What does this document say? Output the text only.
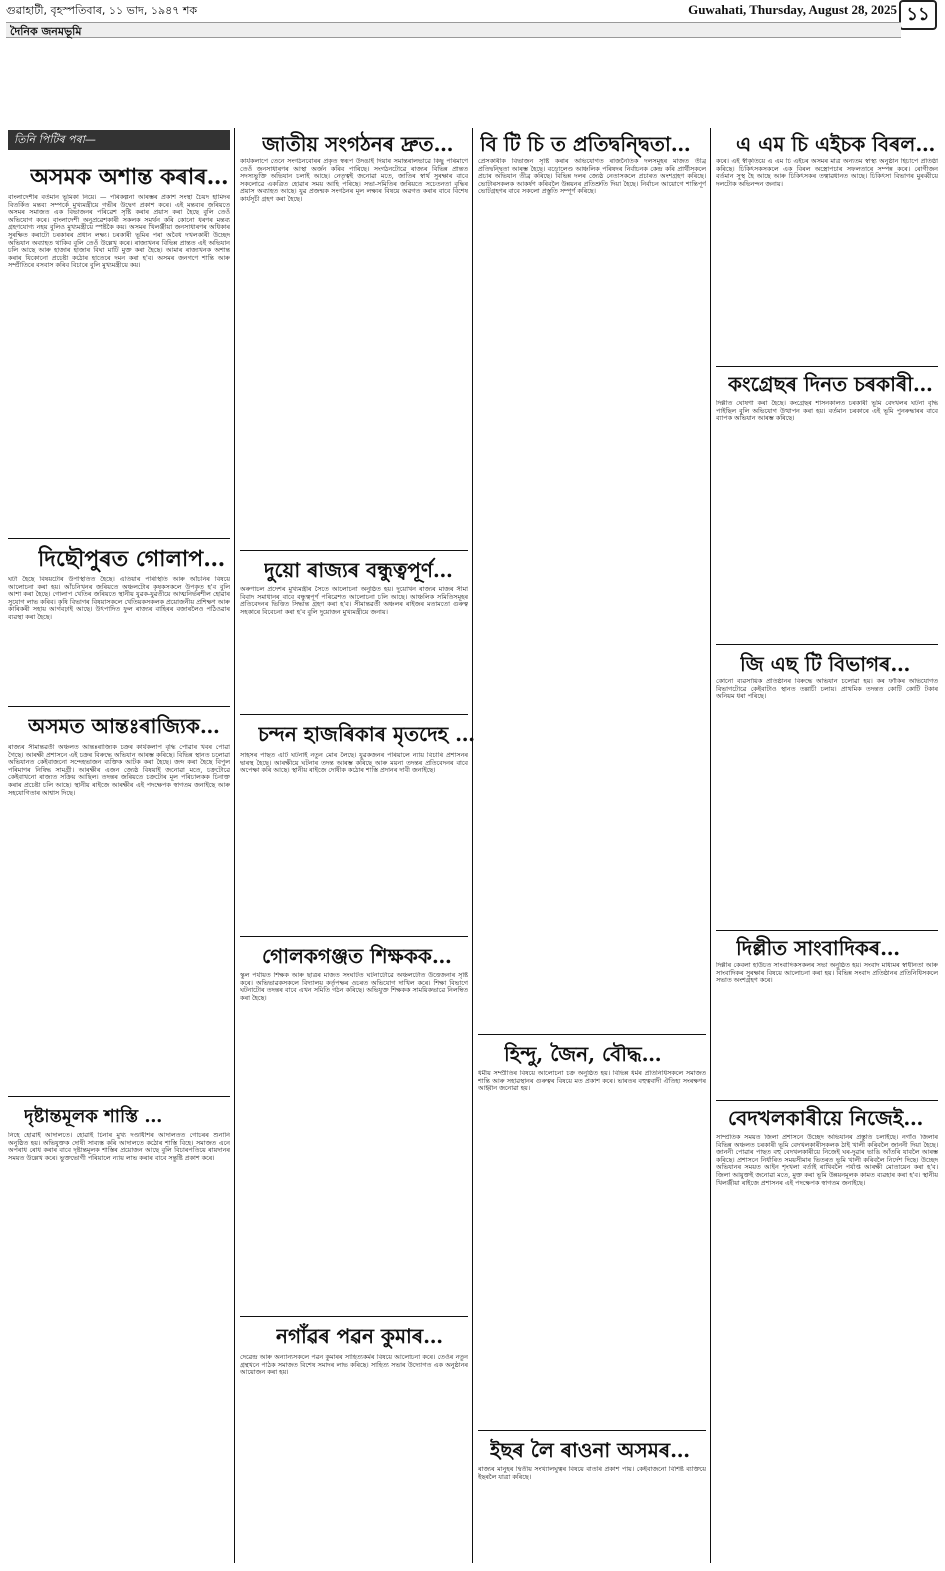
গুৱাহাটী, বৃহস্পতিবাৰ, ১১ ভাদ, ১৯৪৭ শক	Guwahati, Thursday, August 28, 2025 ১১
দৈনিক জনমভূমি
তিনি পিটিৰ পৰা—
অসমক অশান্ত কৰাৰ…

বাংলাদেশীৰ বৰ্তমান ভূমিকা নিয়ে। — পৰিকল্পনা আৰম্ভৰ প্ৰকাশ সংস্থা চৈয়দ হামিদৰ বিতৰ্কিত মন্তব্য সম্পৰ্কে মুখ্যমন্ত্ৰীয়ে গভীৰ উদ্বেগ প্ৰকাশ কৰে। এই মন্তব্যৰ জৰিয়তে অসমৰ সমাজত এক বিভাজনৰ পৰিৱেশ সৃষ্টি কৰাৰ প্ৰয়াস কৰা হৈছে বুলি তেওঁ অভিযোগ কৰে। বাংলাদেশী অনুপ্ৰৱেশকাৰী সকলক সমৰ্থন কৰি কোনো ধৰণৰ মন্তব্য গ্ৰহণযোগ্য নহয় বুলিও মুখ্যমন্ত্ৰীয়ে স্পষ্টকৈ কয়। অসমৰ খিলঞ্জীয়া জনসাধাৰণৰ অধিকাৰ সুৰক্ষিত কৰাটো চৰকাৰৰ প্ৰধান লক্ষ্য। চৰকাৰী ভূমিৰ পৰা অবৈধ দখলকাৰী উচ্ছেদ অভিযান অব্যাহত থাকিব বুলি তেওঁ উল্লেখ কৰে। ৰাজ্যখনৰ বিভিন্ন প্ৰান্তত এই অভিযান চলি আছে আৰু হাজাৰ হাজাৰ বিঘা মাটি মুক্ত কৰা হৈছে। আমাৰ ৰাজ্যখনক অশান্ত কৰাৰ যিকোনো প্ৰচেষ্টা কঠোৰ হাতেৰে দমন কৰা হ'ব। অসমৰ জনগণে শান্তি আৰু সম্প্ৰীতিৰে বসবাস কৰিব বিচাৰে বুলি মুখ্যমন্ত্ৰীয়ে কয়।

দিছৌপুৰত গোলাপ…

ঘটা হৈছে বিষয়টোৰ উপস্থিতিত হৈছে। এতিয়াৰ পৰিস্থিতি আৰু আঁচনিৰ বিষয়ে আলোচনা কৰা হয়। আঁচনিখনৰ জৰিয়তে অঞ্চলটোৰ কৃষকসকলে উপকৃত হ'ব বুলি আশা কৰা হৈছে। গোলাপ খেতিৰ জৰিয়তে স্থানীয় যুৱক-যুৱতীয়ে আত্মনিৰ্ভৰশীল হোৱাৰ সুযোগ লাভ কৰিব। কৃষি বিভাগৰ বিষয়াসকলে খেতিয়কসকলক প্ৰয়োজনীয় প্ৰশিক্ষণ আৰু কাৰিকৰী সহায় আগবঢ়াই আছে। উৎপাদিত ফুল ৰাজ্যৰ বাহিৰৰ বজাৰলৈও পঠিওৱাৰ ব্যৱস্থা কৰা হৈছে।

অসমত আন্তঃৰাজ্যিক…

ৰাজ্যৰ সীমান্তৱৰ্তী অঞ্চলত আন্তঃৰাজ্যিক চক্ৰৰ কাৰ্যকলাপ বৃদ্ধি পোৱাৰ খবৰ পোৱা গৈছে। আৰক্ষী প্ৰশাসনে এই চক্ৰৰ বিৰুদ্ধে অভিযান আৰম্ভ কৰিছে। বিভিন্ন স্থানত চলোৱা অভিযানত কেইবাজনো সন্দেহভাজন ব্যক্তিক আটক কৰা হৈছে। জব্দ কৰা হৈছে বিপুল পৰিমাণৰ নিষিদ্ধ সামগ্ৰী। আৰক্ষীৰ এজন জ্যেষ্ঠ বিষয়াই জনোৱা মতে, চক্ৰটোৱে কেইবাখনো ৰাজ্যত সক্ৰিয় আছিল। তদন্তৰ জৰিয়তে চক্ৰটোৰ মূল পৰিচালকক চিনাক্ত কৰাৰ প্ৰচেষ্টা চলি আছে। স্থানীয় ৰাইজে আৰক্ষীৰ এই পদক্ষেপক স্বাগতম জনাইছে আৰু সহযোগিতাৰ আশ্বাস দিছে।

দৃষ্টান্তমূলক শাস্তি …

নিহে হোৱাই আদালতে। হোৱাই চিনাৰ মুখ্য দণ্ডাধীশৰ আদালতত গোচৰৰ শুনানি অনুষ্ঠিত হয়। অভিযুক্তক দোষী সাব্যস্ত কৰি আদালতে কঠোৰ শাস্তি বিহে। সমাজত এনে অপৰাধ ৰোধ কৰাৰ বাবে দৃষ্টান্তমূলক শাস্তিৰ প্ৰয়োজন আছে বুলি বিচাৰপতিয়ে ৰায়দানৰ সময়ত উল্লেখ কৰে। ভুক্তভোগী পৰিয়ালে ন্যায় লাভ কৰাৰ বাবে সন্তুষ্টি প্ৰকাশ কৰে।

জাতীয় সংগঠনৰ দ্ৰুত…

কাৰ্যকলাপে তেনে সংগঠনবোৰৰ প্ৰকৃত স্বৰূপ উদঙাই দিয়াৰ সমান্তৰালভাৱে কিছু পৰিমাণে তেওঁ জনসাধাৰণৰ আস্থা অৰ্জন কৰিব পাৰিছে। সংগঠনটোৱে ৰাজ্যৰ বিভিন্ন প্ৰান্তত সদস্যভুক্তি অভিযান চলাই আছে। নেতৃত্বই জনোৱা মতে, জাতিৰ স্বাৰ্থ সুৰক্ষাৰ বাবে সকলোৱে একত্ৰিত হোৱাৰ সময় আহি পৰিছে। সভা-সমিতিৰ জৰিয়তে সচেতনতা বৃদ্ধিৰ প্ৰয়াস অব্যাহত আছে। যুৱ প্ৰজন্মক সংগঠনৰ মূল লক্ষ্যৰ বিষয়ে অৱগত কৰাৰ বাবে বিশেষ কাৰ্যসূচী গ্ৰহণ কৰা হৈছে।

দুয়ো ৰাজ্যৰ বন্ধুত্বপূৰ্ণ…

অৰুণাচল প্ৰদেশৰ মুখ্যমন্ত্ৰীৰ সৈতে আলোচনা অনুষ্ঠিত হয়। দুয়োখন ৰাজ্যৰ মাজৰ সীমা বিবাদ সমাধানৰ বাবে বন্ধুত্বপূৰ্ণ পৰিৱেশত আলোচনা চলি আছে। আঞ্চলিক সমিতিসমূহৰ প্ৰতিবেদনৰ ভিত্তিত সিদ্ধান্ত গ্ৰহণ কৰা হ'ব। সীমান্তৱৰ্তী অঞ্চলৰ ৰাইজৰ মতামতো গুৰুত্ব সহকাৰে বিবেচনা কৰা হ'ব বুলি দুয়োজন মুখ্যমন্ত্ৰীয়ে জনায়।

চন্দন হাজৰিকাৰ মৃতদেহ …

সাহসৰ পাছত এটি ঘটনাই নতুন মোৰ লৈছে। যুৱকজনৰ পৰিয়ালে ন্যায় বিচাৰি প্ৰশাসনৰ দ্বাৰস্থ হৈছে। আৰক্ষীয়ে ঘটনাৰ তদন্ত আৰম্ভ কৰিছে আৰু ময়না তদন্তৰ প্ৰতিবেদনৰ বাবে অপেক্ষা কৰি আছে। স্থানীয় ৰাইজে দোষীক কঠোৰ শাস্তি প্ৰদানৰ দাবী জনাইছে।

গোলকগঞ্জত শিক্ষকক…

স্কুল পৰ্যায়ত শিক্ষক আৰু ছাত্ৰৰ মাজত সংঘটিত ঘটনাটোৱে অঞ্চলটোত উত্তেজনাৰ সৃষ্টি কৰে। অভিভাৱকসকলে বিদ্যালয় কৰ্তৃপক্ষৰ ওচৰত অভিযোগ দাখিল কৰে। শিক্ষা বিভাগে ঘটনাটোৰ তদন্তৰ বাবে এখন সমিতি গঠন কৰিছে। অভিযুক্ত শিক্ষকক সাময়িকভাৱে নিলম্বিত কৰা হৈছে।

নগাঁৱৰ পৱন কুমাৰ…

দেৱেন্দ্ৰ আৰু অন্যান্যসকলে পৱন কুমাৰৰ সাহিত্যকৰ্মৰ বিষয়ে আলোচনা কৰে। তেওঁৰ নতুন গ্ৰন্থখনে পাঠক সমাজত বিশেষ সমাদৰ লাভ কৰিছে। সাহিত্য সভাৰ উদ্যোগত এক অনুষ্ঠানৰ আয়োজন কৰা হয়।

বি টি চি ত প্ৰতিদ্বন্দ্বিতা…

প্ৰেসকাৰীক বিভাজন সৃষ্টি কৰাৰ অভিযোগত ৰাজনৈতিক দলসমূহৰ মাজত তীব্ৰ প্ৰতিদ্বন্দ্বিতা আৰম্ভ হৈছে। বড়োলেণ্ড আঞ্চলিক পৰিষদৰ নিৰ্বাচনক কেন্দ্ৰ কৰি প্ৰাৰ্থীসকলে প্ৰচাৰ অভিযান তীব্ৰ কৰিছে। বিভিন্ন দলৰ জ্যেষ্ঠ নেতাসকলে প্ৰচাৰত অংশগ্ৰহণ কৰিছে। ভোটাৰসকলক আকৰ্ষণ কৰিবলৈ উন্নয়নৰ প্ৰতিশ্ৰুতি দিয়া হৈছে। নিৰ্বাচন আয়োগে শান্তিপূৰ্ণ ভোটগ্ৰহণৰ বাবে সকলো প্ৰস্তুতি সম্পূৰ্ণ কৰিছে।

হিন্দু, জৈন, বৌদ্ধ…

ধৰ্মীয় সম্প্ৰীতিৰ বিষয়ে আলোচনা চক্ৰ অনুষ্ঠিত হয়। বিভিন্ন ধৰ্মৰ প্ৰতিনিধিসকলে সমাজত শান্তি আৰু সহাৱস্থানৰ গুৰুত্বৰ বিষয়ে মত প্ৰকাশ কৰে। ভাৰতৰ বহুত্ববাদী ঐতিহ্য সংৰক্ষণৰ আহ্বান জনোৱা হয়।

ইছৰ লৈ ৰাওনা অসমৰ…

ৰাজ্যৰ মানুহৰ দ্বিতীয় সংখ্যালঘুত্বৰ বিষয়ে বাতৰি প্ৰকাশ পায়। কেইবাজনো বিশিষ্ট ব্যক্তিয়ে ইছৰলৈ যাত্ৰা কৰিছে।

এ এম চি এইচক বিৰল…

কৰে। এই স্বীকৃতিয়ে এ এম চি এইচৰ অসমৰ মাত্ৰ অন্যতম স্বাস্থ্য অনুষ্ঠান হিচাপে প্ৰতিষ্ঠা কৰিছে। চিকিৎসকসকলে এক বিৰল অস্ত্ৰোপচাৰ সফলতাৰে সম্পন্ন কৰে। ৰোগীজন বৰ্তমান সুস্থ হৈ আছে আৰু চিকিৎসকৰ তত্বাৱধানত আছে। চিকিৎসা বিভাগৰ মুৰব্বীয়ে দলটোক অভিনন্দন জনায়।

কংগ্ৰেছৰ দিনত চৰকাৰী…

দিল্লীত ঘোষণা কৰা হৈছে। কংগ্ৰেছৰ শাসনকালত চৰকাৰী ভূমি বেদখলৰ ঘটনা বৃদ্ধি পাইছিল বুলি অভিযোগ উত্থাপন কৰা হয়। বৰ্তমান চৰকাৰে এই ভূমি পুনৰুদ্ধাৰৰ বাবে ব্যাপক অভিযান আৰম্ভ কৰিছে।

জি এছ টি বিভাগৰ…

কোনো ব্যৱসায়িক প্ৰতিষ্ঠানৰ বিৰুদ্ধে অভিযান চলোৱা হয়। কৰ ফাঁকিৰ অভিযোগত বিভাগটোৱে কেইবাটাও স্থানত তল্লাচী চলায়। প্ৰাথমিক তদন্তত কোটি কোটি টকাৰ অনিয়ম ধৰা পৰিছে।

দিল্লীত সাংবাদিকৰ…

দিল্লীৰ কেবলা হাউচত সাংবাদিকসকলৰ সভা অনুষ্ঠিত হয়। সংবাদ মাধ্যমৰ স্বাধীনতা আৰু সাংবাদিকৰ সুৰক্ষাৰ বিষয়ে আলোচনা কৰা হয়। বিভিন্ন সংবাদ প্ৰতিষ্ঠানৰ প্ৰতিনিধিসকলে সভাত অংশগ্ৰহণ কৰে।

বেদখলকাৰীয়ে নিজেই…

সাম্প্ৰতিক সময়ত জিলা প্ৰশাসনে উচ্ছেদ অভিযানৰ প্ৰস্তুতি চলাইছে। নগাঁও জিলাৰ বিভিন্ন অঞ্চলত চৰকাৰী ভূমি বেদখলকাৰীসকলক ঠাই খালী কৰিবলৈ জাননী দিয়া হৈছে। জাননী পোৱাৰ পাছত বহু বেদখলকাৰীয়ে নিজেই ঘৰ-দুৱাৰ ভাঙি আঁতৰি যাবলৈ আৰম্ভ কৰিছে। প্ৰশাসনে নিৰ্ধাৰিত সময়সীমাৰ ভিতৰত ভূমি খালী কৰিবলৈ নিৰ্দেশ দিছে। উচ্ছেদ অভিযানৰ সময়ত আইন শৃংখলা বৰ্তাই ৰাখিবলৈ পৰ্যাপ্ত আৰক্ষী মোতায়েন কৰা হ'ব। জিলা আয়ুক্তই জনোৱা মতে, মুক্ত কৰা ভূমি উন্নয়নমূলক কামত ব্যৱহাৰ কৰা হ'ব। স্থানীয় খিলঞ্জীয়া ৰাইজে প্ৰশাসনৰ এই পদক্ষেপক স্বাগতম জনাইছে।
